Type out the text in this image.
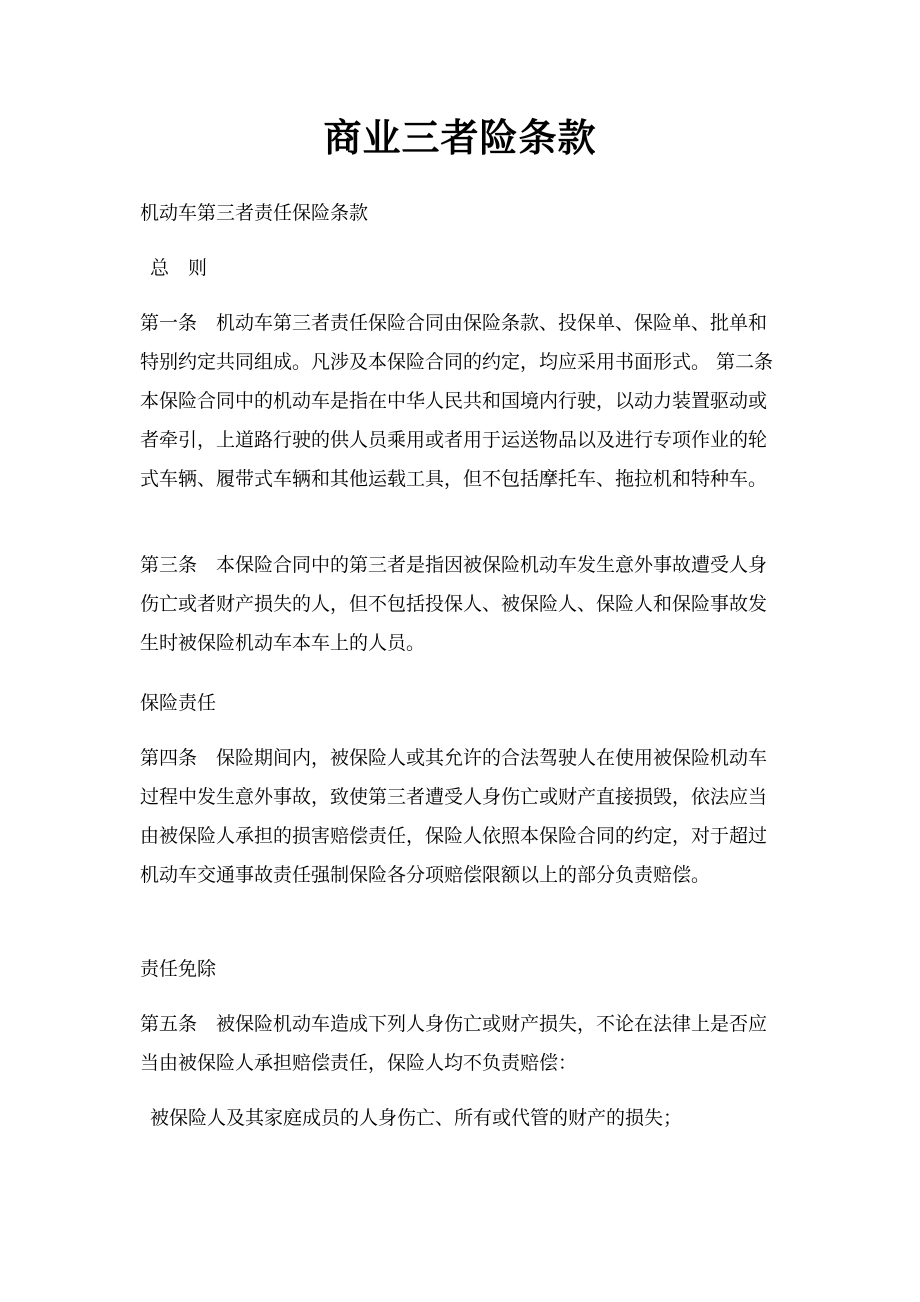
商业三者险条款

机动车第三者责任保险条款

总　则

第一条　机动车第三者责任保险合同由保险条款、投保单、保险单、批单和特别约定共同组成。凡涉及本保险合同的约定，均应采用书面形式。 第二条　本保险合同中的机动车是指在中华人民共和国境内行驶，以动力装置驱动或者牵引，上道路行驶的供人员乘用或者用于运送物品以及进行专项作业的轮式车辆、履带式车辆和其他运载工具，但不包括摩托车、拖拉机和特种车。

第三条　本保险合同中的第三者是指因被保险机动车发生意外事故遭受人身伤亡或者财产损失的人，但不包括投保人、被保险人、保险人和保险事故发生时被保险机动车本车上的人员。

保险责任

第四条　保险期间内，被保险人或其允许的合法驾驶人在使用被保险机动车过程中发生意外事故，致使第三者遭受人身伤亡或财产直接损毁，依法应当由被保险人承担的损害赔偿责任，保险人依照本保险合同的约定，对于超过机动车交通事故责任强制保险各分项赔偿限额以上的部分负责赔偿。

责任免除

第五条　被保险机动车造成下列人身伤亡或财产损失，不论在法律上是否应当由被保险人承担赔偿责任，保险人均不负责赔偿：

被保险人及其家庭成员的人身伤亡、所有或代管的财产的损失；
